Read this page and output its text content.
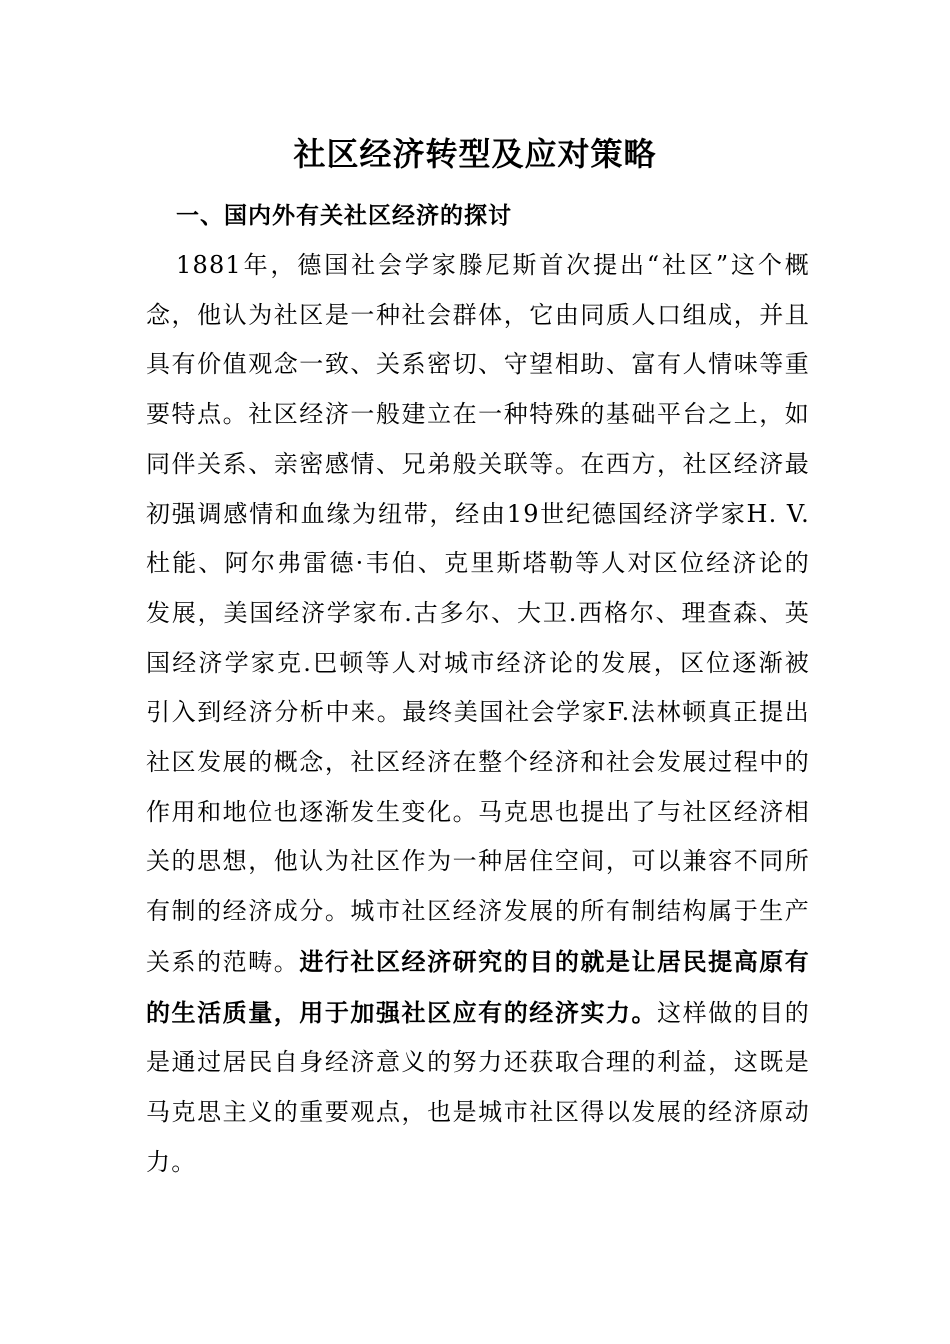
社区经济转型及应对策略
一、国内外有关社区经济的探讨

1881年，德国社会学家滕尼斯首次提出“社区”这个概念，他认为社区是一种社会群体，它由同质人口组成，并且具有价值观念一致、关系密切、守望相助、富有人情味等重要特点。社区经济一般建立在一种特殊的基础平台之上，如同伴关系、亲密感情、兄弟般关联等。在西方，社区经济最初强调感情和血缘为纽带，经由19世纪德国经济学家H. V.杜能、阿尔弗雷德·韦伯、克里斯塔勒等人对区位经济论的发展，美国经济学家布.古多尔、大卫.西格尔、理查森、英国经济学家克.巴顿等人对城市经济论的发展，区位逐渐被引入到经济分析中来。最终美国社会学家F.法林顿真正提出社区发展的概念，社区经济在整个经济和社会发展过程中的作用和地位也逐渐发生变化。马克思也提出了与社区经济相关的思想，他认为社区作为一种居住空间，可以兼容不同所有制的经济成分。城市社区经济发展的所有制结构属于生产关系的范畴。进行社区经济研究的目的就是让居民提高原有的生活质量，用于加强社区应有的经济实力。这样做的目的是通过居民自身经济意义的努力还获取合理的利益，这既是马克思主义的重要观点，也是城市社区得以发展的经济原动力。
